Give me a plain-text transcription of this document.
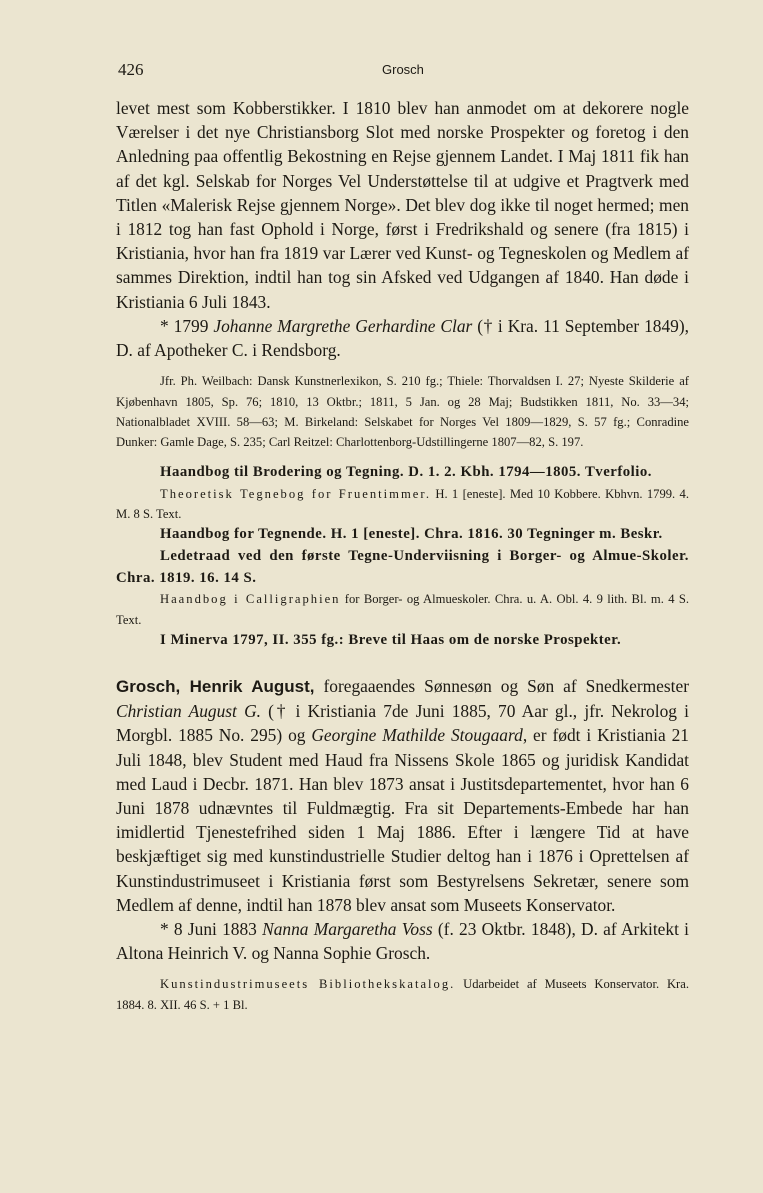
426	Grosch

levet mest som Kobberstikker. I 1810 blev han anmodet om at dekorere nogle Værelser i det nye Christiansborg Slot med norske Prospekter og foretog i den Anledning paa offentlig Bekostning en Rejse gjennem Landet. I Maj 1811 fik han af det kgl. Selskab for Norges Vel Understøttelse til at udgive et Pragtverk med Titlen «Malerisk Rejse gjennem Norge». Det blev dog ikke til noget hermed; men i 1812 tog han fast Ophold i Norge, først i Fredrikshald og senere (fra 1815) i Kristiania, hvor han fra 1819 var Lærer ved Kunst- og Tegneskolen og Medlem af sammes Direktion, indtil han tog sin Afsked ved Udgangen af 1840. Han døde i Kristiania 6 Juli 1843.

* 1799 Johanne Margrethe Gerhardine Clar († i Kra. 11 September 1849), D. af Apotheker C. i Rendsborg.

Jfr. Ph. Weilbach: Dansk Kunstnerlexikon, S. 210 fg.; Thiele: Thorvaldsen I. 27; Nyeste Skilderie af Kjøbenhavn 1805, Sp. 76; 1810, 13 Oktbr.; 1811, 5 Jan. og 28 Maj; Budstikken 1811, No. 33—34; Nationalbladet XVIII. 58—63; M. Birkeland: Selskabet for Norges Vel 1809—1829, S. 57 fg.; Conradine Dunker: Gamle Dage, S. 235; Carl Reitzel: Charlottenborg-Udstillingerne 1807—82, S. 197.

Haandbog til Brodering og Tegning. D. 1. 2. Kbh. 1794—1805. Tverfolio.

Theoretisk Tegnebog for Fruentimmer. H. 1 [eneste]. Med 10 Kobbere. Kbhvn. 1799. 4. M. 8 S. Text.

Haandbog for Tegnende. H. 1 [eneste]. Chra. 1816. 30 Tegninger m. Beskr.

Ledetraad ved den første Tegne-Underviisning i Borger- og Almue-Skoler. Chra. 1819. 16. 14 S.

Haandbog i Calligraphien for Borger- og Almueskoler. Chra. u. A. Obl. 4. 9 lith. Bl. m. 4 S. Text.

I Minerva 1797, II. 355 fg.: Breve til Haas om de norske Prospekter.

Grosch, Henrik August, foregaaendes Sønnesøn og Søn af Snedkermester Christian August G. († i Kristiania 7de Juni 1885, 70 Aar gl., jfr. Nekrolog i Morgbl. 1885 No. 295) og Georgine Mathilde Stougaard, er født i Kristiania 21 Juli 1848, blev Student med Haud fra Nissens Skole 1865 og juridisk Kandidat med Laud i Decbr. 1871. Han blev 1873 ansat i Justitsdepartementet, hvor han 6 Juni 1878 udnævntes til Fuldmægtig. Fra sit Departements-Embede har han imidlertid Tjenestefrihed siden 1 Maj 1886. Efter i længere Tid at have beskjæftiget sig med kunstindustrielle Studier deltog han i 1876 i Oprettelsen af Kunstindustrimuseet i Kristiania først som Bestyrelsens Sekretær, senere som Medlem af denne, indtil han 1878 blev ansat som Museets Konservator.

* 8 Juni 1883 Nanna Margaretha Voss (f. 23 Oktbr. 1848), D. af Arkitekt i Altona Heinrich V. og Nanna Sophie Grosch.

Kunstindustrimuseets Bibliothekskatalog. Udarbeidet af Museets Konservator. Kra. 1884. 8. XII. 46 S. + 1 Bl.
